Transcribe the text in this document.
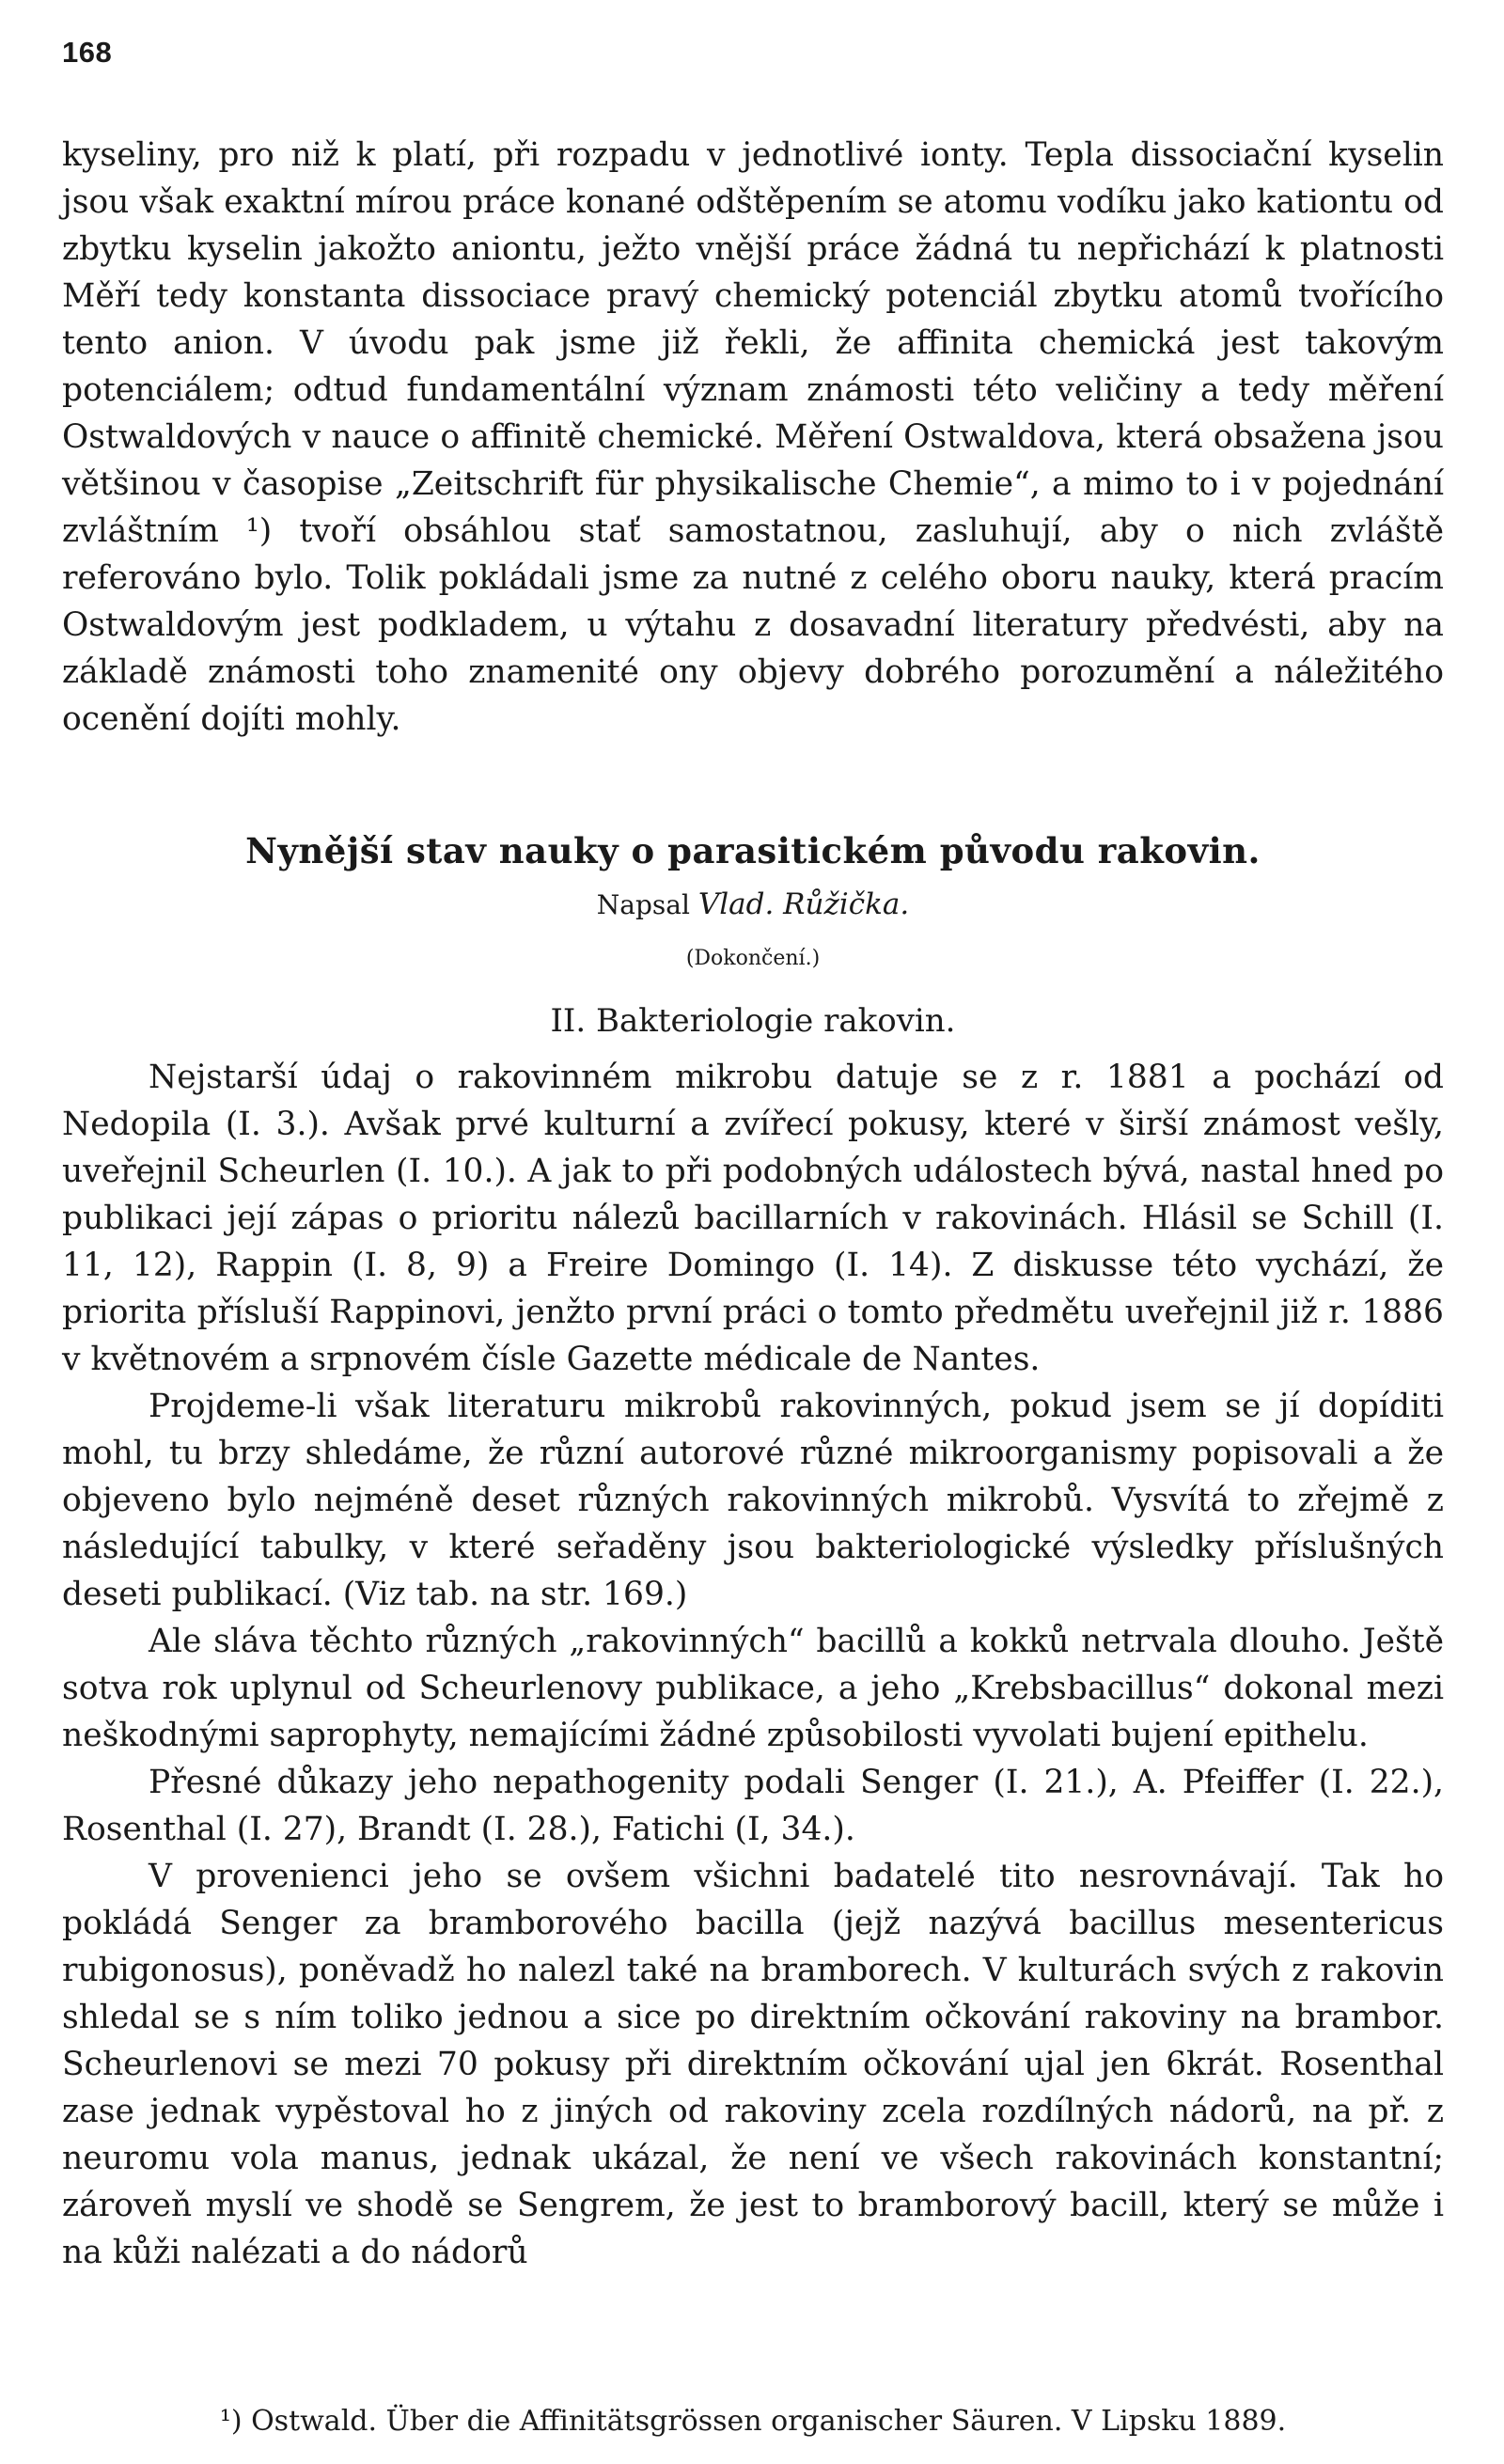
168

kyseliny, pro niž k platí, při rozpadu v jednotlivé ionty. Tepla dissociační kyselin jsou však exaktní mírou práce konané odštěpením se atomu vodíku jako kationtu od zbytku kyselin jakožto aniontu, ježto vnější práce žádná tu nepřichází k platnosti Měří tedy konstanta dissociace pravý chemický potenciál zbytku atomů tvořícího tento anion. V úvodu pak jsme již řekli, že affinita chemická jest takovým potenciálem; odtud fundamentální význam známosti této veličiny a tedy měření Ostwaldových v nauce o affinitě chemické. Měření Ostwaldova, která obsažena jsou většinou v časopise „Zeitschrift für physikalische Chemie“, a mimo to i v pojednání zvláštním ¹) tvoří obsáhlou stať samostatnou, zasluhují, aby o nich zvláště referováno bylo. Tolik pokládali jsme za nutné z celého oboru nauky, která pracím Ostwaldovým jest podkladem, u výtahu z dosavadní literatury předvésti, aby na základě známosti toho znamenité ony objevy dobrého porozumění a náležitého ocenění dojíti mohly.

Nynější stav nauky o parasitickém původu rakovin.
Napsal Vlad. Růžička.
(Dokončení.)
II. Bakteriologie rakovin.

Nejstarší údaj o rakovinném mikrobu datuje se z r. 1881 a pochází od Nedopila (I. 3.). Avšak prvé kulturní a zvířecí pokusy, které v širší známost vešly, uveřejnil Scheurlen (I. 10.). A jak to při podobných událostech bývá, nastal hned po publikaci její zápas o prioritu nálezů bacillarních v rakovinách. Hlásil se Schill (I. 11, 12), Rappin (I. 8, 9) a Freire Domingo (I. 14). Z diskusse této vychází, že priorita přísluší Rappinovi, jenžto první práci o tomto předmětu uveřejnil již r. 1886 v květnovém a srpnovém čísle Gazette médicale de Nantes.

Projdeme-li však literaturu mikrobů rakovinných, pokud jsem se jí dopíditi mohl, tu brzy shledáme, že různí autorové různé mikroorganismy popisovali a že objeveno bylo nejméně deset různých rakovinných mikrobů. Vysvítá to zřejmě z následující tabulky, v které seřaděny jsou bakteriologické výsledky příslušných deseti publikací. (Viz tab. na str. 169.)

Ale sláva těchto různých „rakovinných“ bacillů a kokků netrvala dlouho. Ještě sotva rok uplynul od Scheurlenovy publikace, a jeho „Krebsbacillus“ dokonal mezi neškodnými saprophyty, nemajícími žádné způsobilosti vyvolati bujení epithelu.

Přesné důkazy jeho nepathogenity podali Senger (I. 21.), A. Pfeiffer (I. 22.), Rosenthal (I. 27), Brandt (I. 28.), Fatichi (I, 34.).

V provenienci jeho se ovšem všichni badatelé tito nesrovnávají. Tak ho pokládá Senger za bramborového bacilla (jejž nazývá bacillus mesentericus rubigonosus), poněvadž ho nalezl také na bramborech. V kulturách svých z rakovin shledal se s ním toliko jednou a sice po direktním očkování rakoviny na brambor. Scheurlenovi se mezi 70 pokusy při direktním očkování ujal jen 6krát. Rosenthal zase jednak vypěstoval ho z jiných od rakoviny zcela rozdílných nádorů, na př. z neuromu vola manus, jednak ukázal, že není ve všech rakovinách konstantní; zároveň myslí ve shodě se Sengrem, že jest to bramborový bacill, který se může i na kůži nalézati a do nádorů

¹) Ostwald. Über die Affinitätsgrössen organischer Säuren. V Lipsku 1889.
